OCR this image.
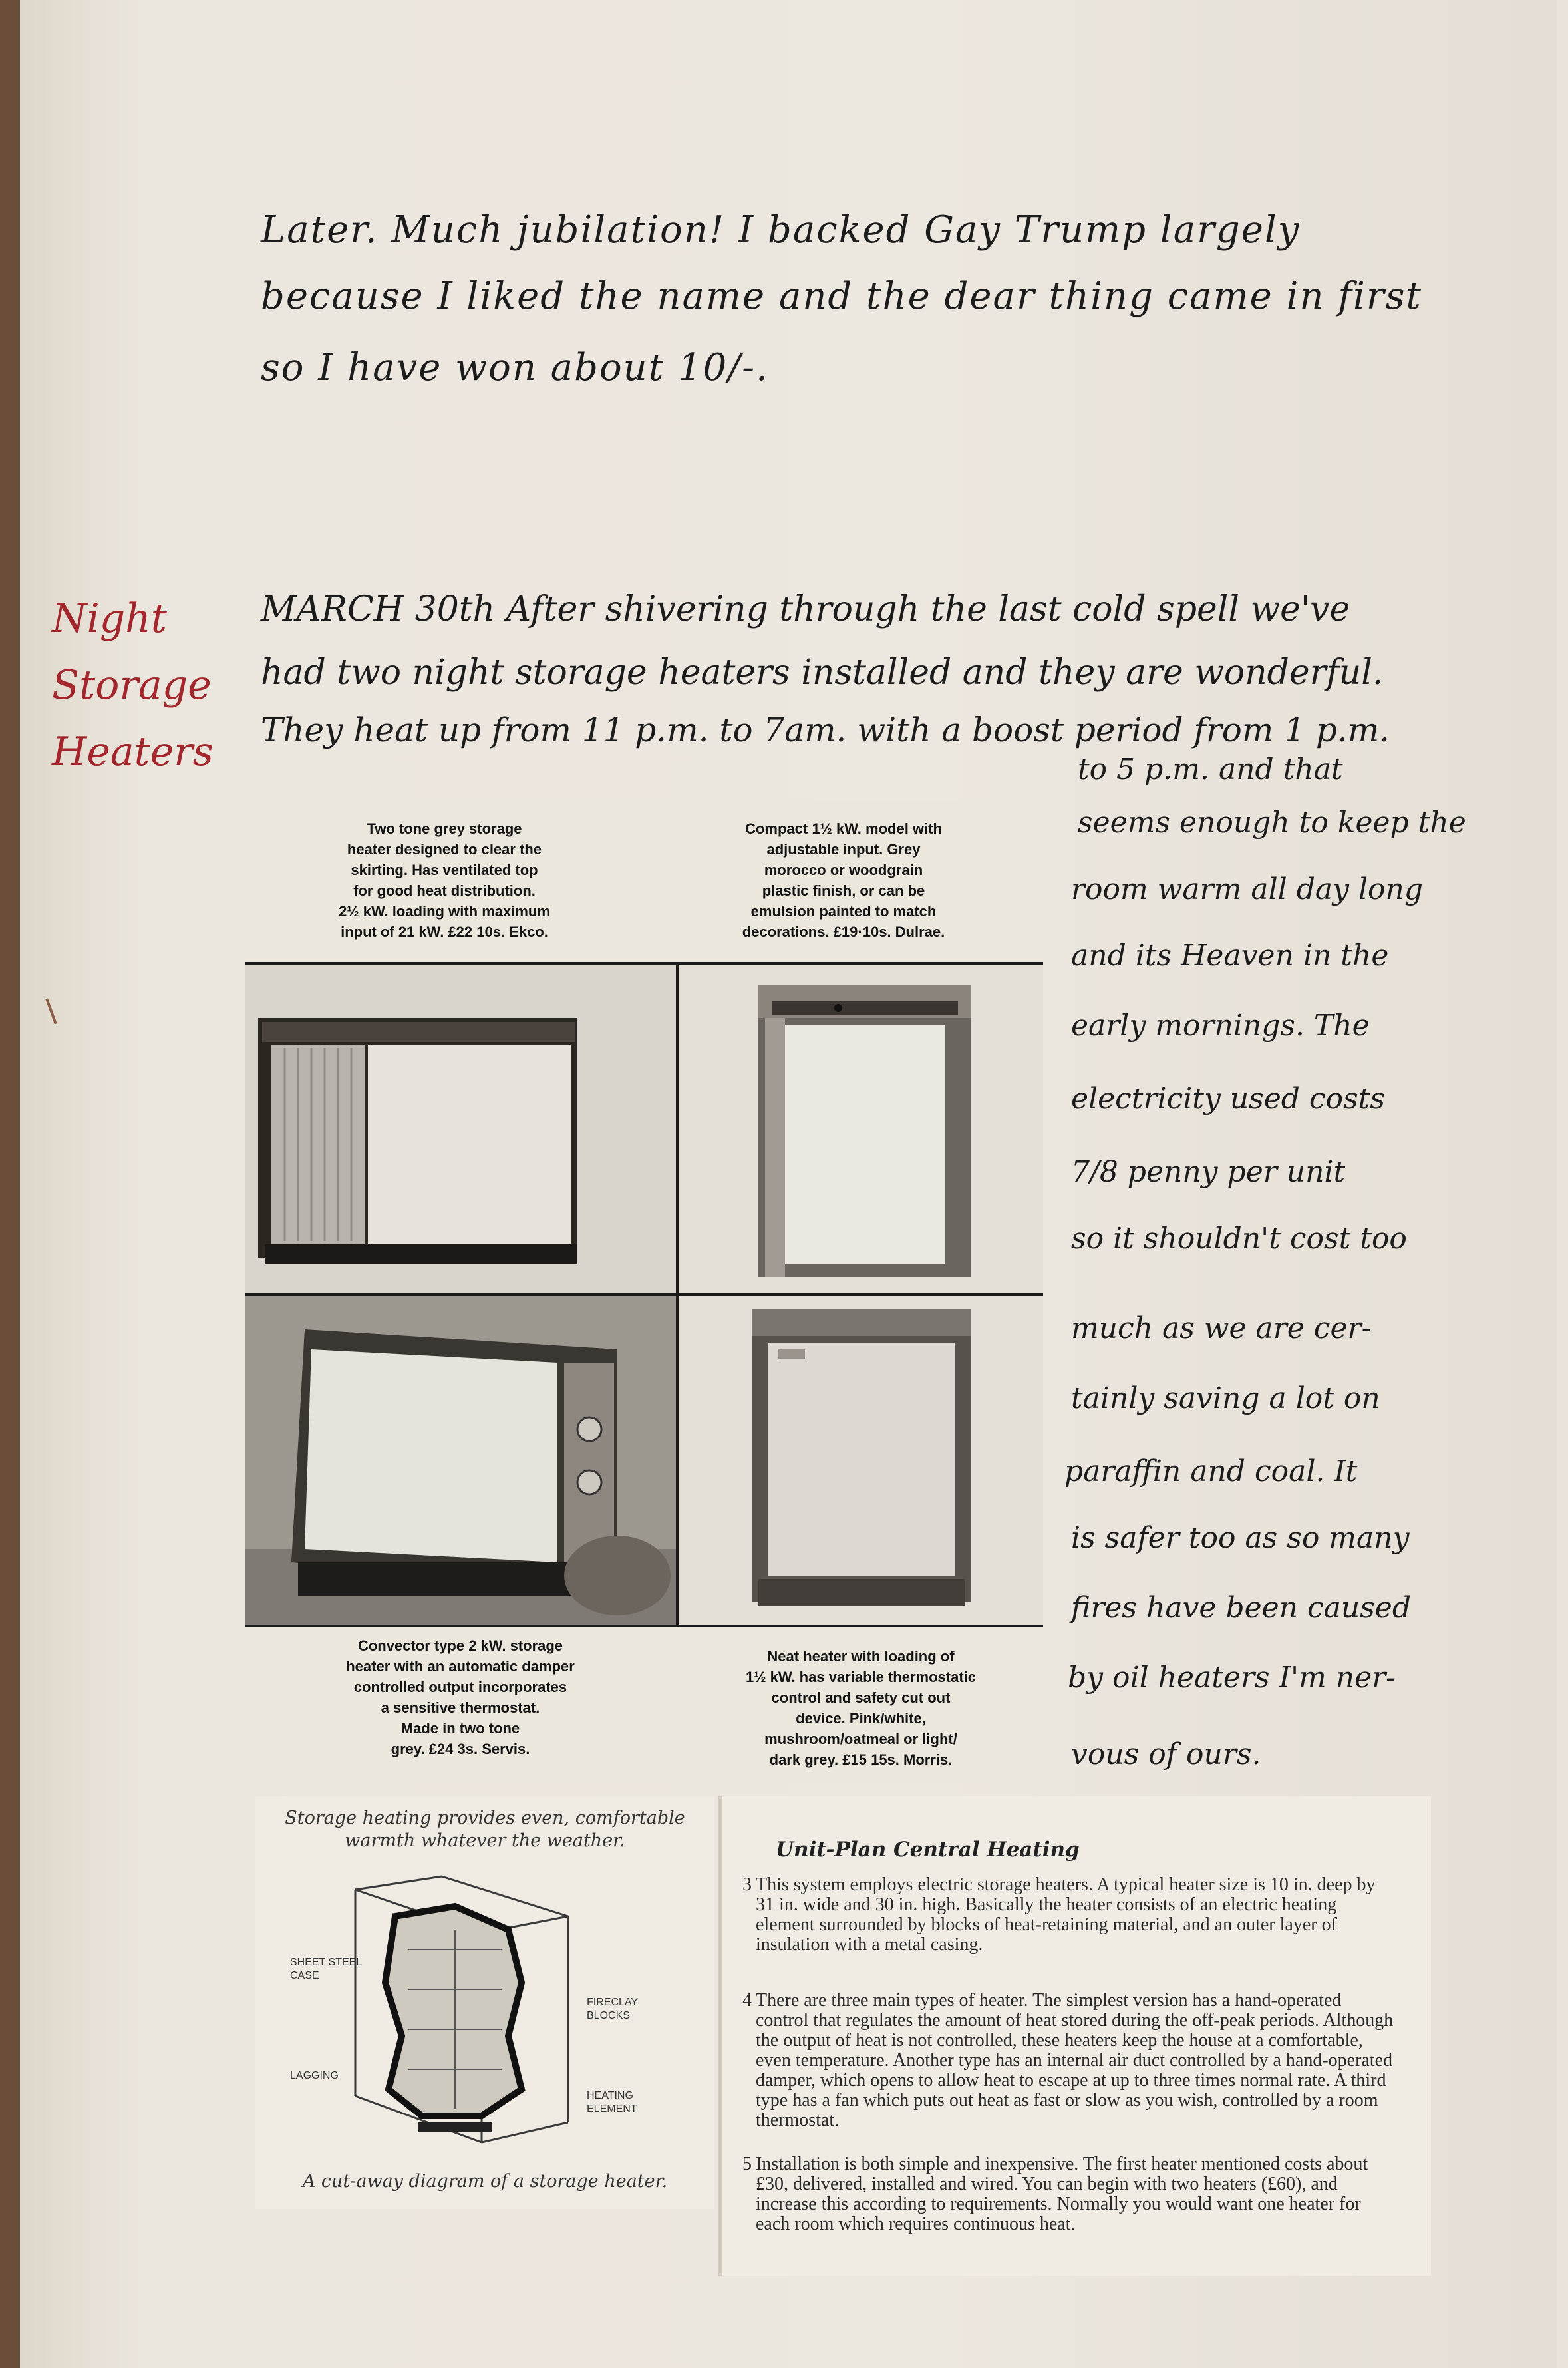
Later. Much jubilation! I backed Gay Trump largely
because I liked the name and the dear thing came in first
so I have won about 10/-.
Night
Storage
Heaters
MARCH 30th After shivering through the last cold spell we've
had two night storage heaters installed and they are wonderful.
They heat up from 11 p.m. to 7am. with a boost period from 1 p.m.
to 5 p.m. and that
seems enough to keep the
room warm all day long
and its Heaven in the
early mornings. The
electricity used costs
7/8 penny per unit
so it shouldn't cost too
much as we are cer-
tainly saving a lot on
paraffin and coal. It
is safer too as so many
fires have been caused
by oil heaters I'm ner-
vous of ours.
Two tone grey storage
heater designed to clear the
skirting. Has ventilated top
for good heat distribution.
2½ kW. loading with maximum
input of 21 kW. £22 10s. Ekco.
Compact 1½ kW. model with
adjustable input. Grey
morocco or woodgrain
plastic finish, or can be
emulsion painted to match
decorations. £19·10s. Dulrae.
Convector type 2 kW. storage
heater with an automatic damper
controlled output incorporates
a sensitive thermostat.
Made in two tone
grey. £24 3s. Servis.
Neat heater with loading of
1½ kW. has variable thermostatic
control and safety cut out
device. Pink/white,
mushroom/oatmeal or light/
dark grey. £15 15s. Morris.
Storage heating provides even, comfortable warmth whatever the weather.
SHEET STEEL
CASE
FIRECLAY
BLOCKS
LAGGING
HEATING
ELEMENT
A cut-away diagram of a storage heater.
Unit-Plan Central Heating
3 This system employs electric storage heaters. A typical heater size is 10 in. deep by 31 in. wide and 30 in. high. Basically the heater consists of an electric heating element surrounded by blocks of heat-retaining material, and an outer layer of insulation with a metal casing.
4 There are three main types of heater. The simplest version has a hand-operated control that regulates the amount of heat stored during the off-peak periods. Although the output of heat is not controlled, these heaters keep the house at a comfortable, even temperature. Another type has an internal air duct controlled by a hand-operated damper, which opens to allow heat to escape at up to three times normal rate. A third type has a fan which puts out heat as fast or slow as you wish, controlled by a room thermostat.
5 Installation is both simple and inexpensive. The first heater mentioned costs about £30, delivered, installed and wired. You can begin with two heaters (£60), and increase this according to requirements. Normally you would want one heater for each room which requires continuous heat.
